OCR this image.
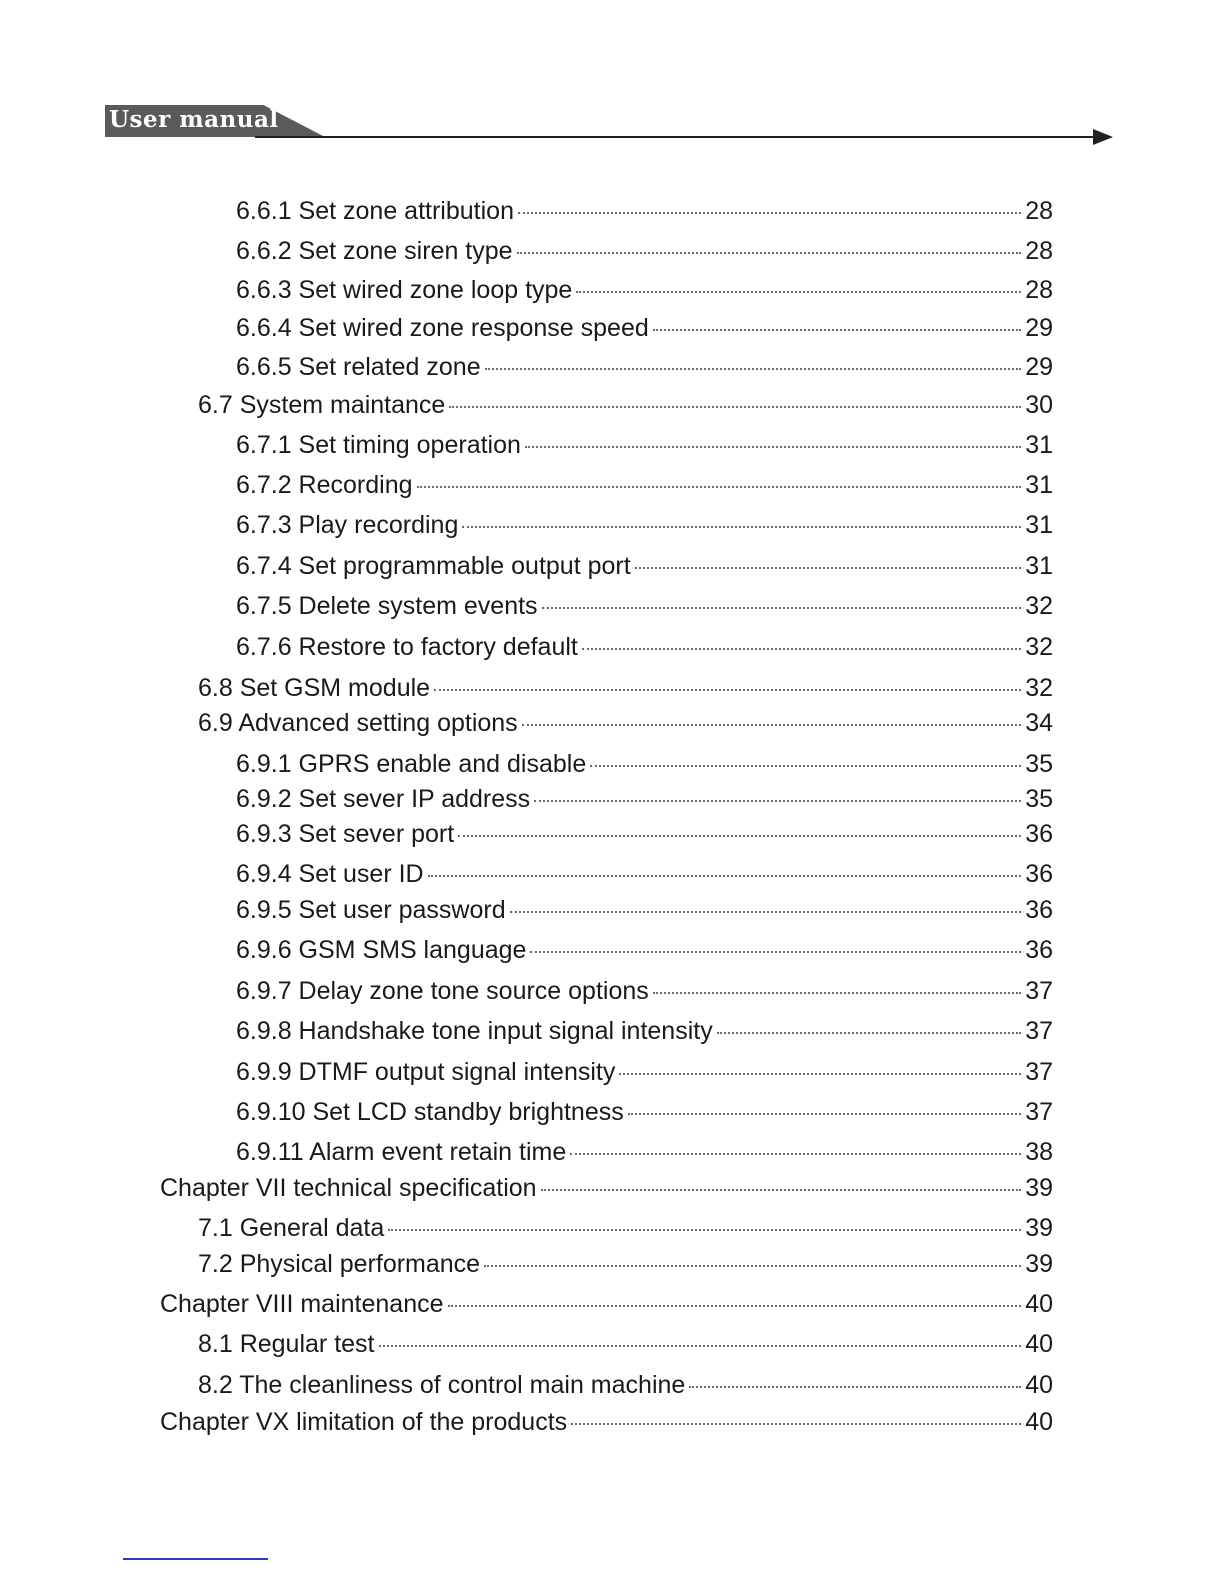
User manual
6.6.1 Set zone attribution	28
6.6.2 Set zone siren type	28
6.6.3 Set wired zone loop type	28
6.6.4 Set wired zone response speed	29
6.6.5 Set related zone	29
6.7 System maintance	30
6.7.1 Set timing operation	31
6.7.2 Recording	31
6.7.3 Play recording	31
6.7.4 Set programmable output port	31
6.7.5 Delete system events	32
6.7.6 Restore to factory default	32
6.8 Set GSM module	32
6.9 Advanced setting options	34
6.9.1 GPRS enable and disable	35
6.9.2 Set sever IP address	35
6.9.3 Set sever port	36
6.9.4 Set user ID	36
6.9.5 Set user password	36
6.9.6 GSM SMS language	36
6.9.7 Delay zone tone source options	37
6.9.8 Handshake tone input signal intensity	37
6.9.9 DTMF output signal intensity	37
6.9.10 Set LCD standby brightness	37
6.9.11 Alarm event retain time	38
Chapter VII technical specification	39
7.1 General data	39
7.2 Physical performance	39
Chapter VIII maintenance	40
8.1 Regular test	40
8.2 The cleanliness of control main machine	40
Chapter VX limitation of the products	40
